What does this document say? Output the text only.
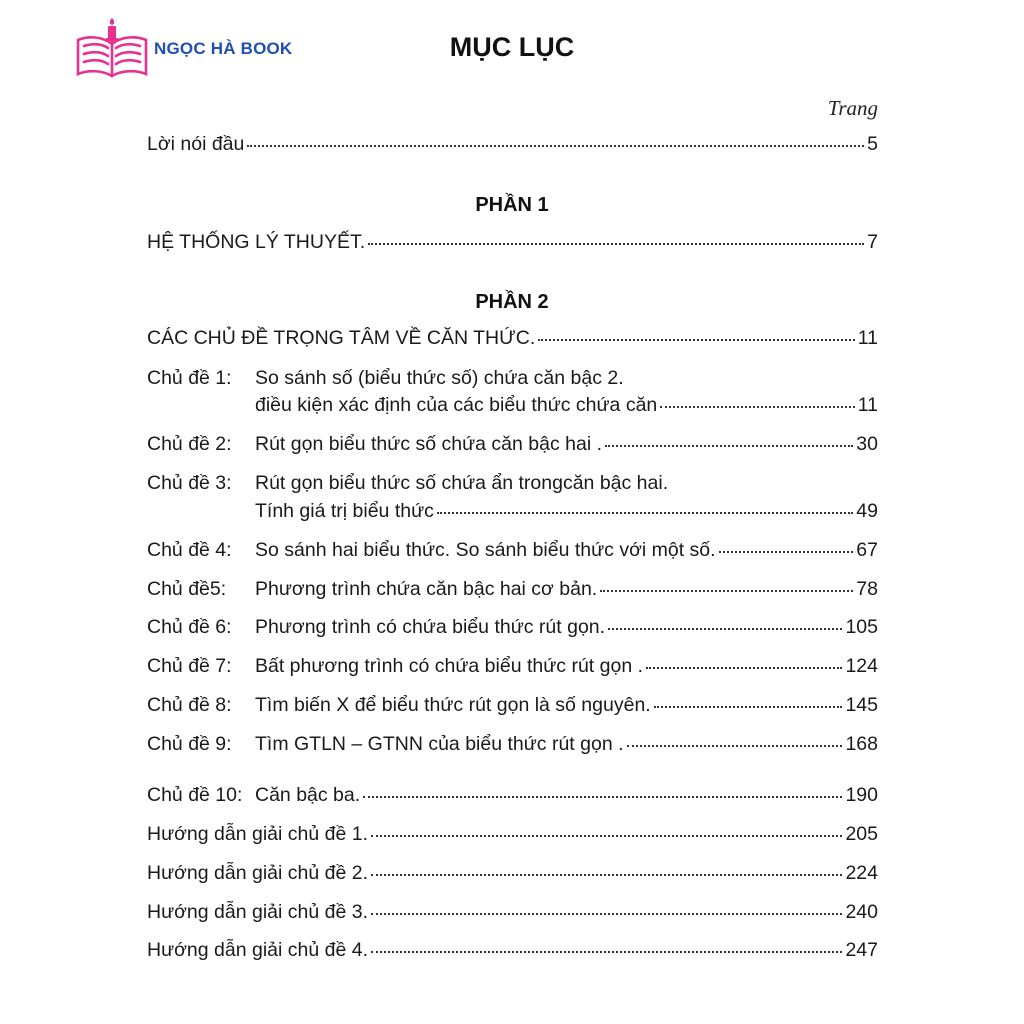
NGỌC HÀ BOOK	MỤC LỤC
Trang
Lời nói đầu	5
PHẦN 1
HỆ THỐNG LÝ THUYẾT.	7
PHẦN 2
CÁC CHỦ ĐỀ TRỌNG TÂM VỀ CĂN THỨC.	11
Chủ đề 1:	So sánh số (biểu thức số) chứa căn bậc 2.
điều kiện xác định của các biểu thức chứa căn	11
Chủ đề 2:	Rút gọn biểu thức số chứa căn bậc hai .	30
Chủ đề 3:	Rút gọn biểu thức số chứa ẩn trongcăn bậc hai.
Tính giá trị biểu thức	49
Chủ đề 4:	So sánh hai biểu thức. So sánh biểu thức với một số.	67
Chủ đề5:	Phương trình chứa căn bậc hai cơ bản.	78
Chủ đề 6:	Phương trình có chứa biểu thức rút gọn.	105
Chủ đề 7:	Bất phương trình có chứa biểu thức rút gọn .	124
Chủ đề 8:	Tìm biến X để biểu thức rút gọn là số nguyên.	145
Chủ đề 9:	Tìm GTLN – GTNN của biểu thức rút gọn .	168
Chủ đề 10: Căn bậc ba.	190
Hướng dẫn giải chủ đề 1.	205
Hướng dẫn giải chủ đề 2.	224
Hướng dẫn giải chủ đề 3.	240
Hướng dẫn giải chủ đề 4.	247
